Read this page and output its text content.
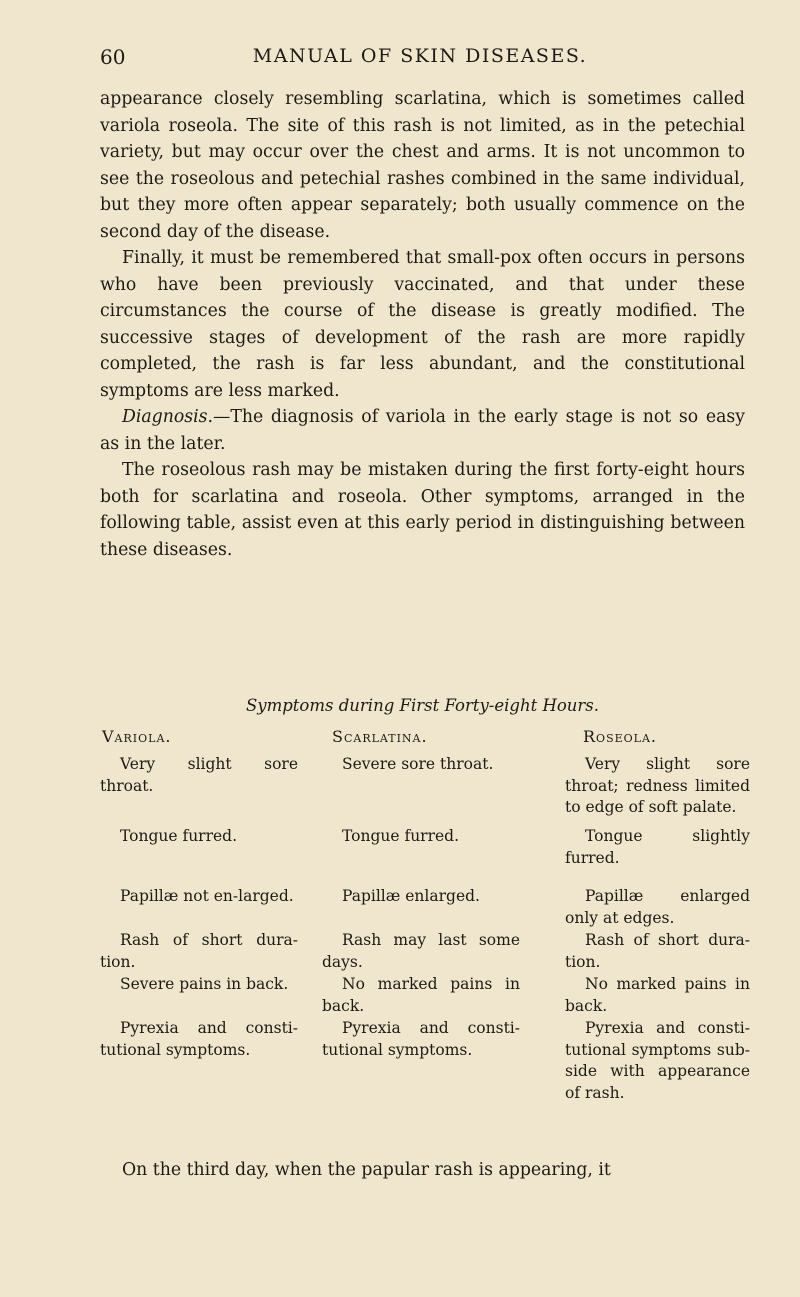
60	MANUAL OF SKIN DISEASES.

appearance closely resembling scarlatina, which is sometimes called variola roseola. The site of this rash is not limited, as in the petechial variety, but may occur over the chest and arms. It is not uncommon to see the roseolous and petechial rashes combined in the same individual, but they more often appear separately; both usually commence on the second day of the disease.

Finally, it must be remembered that small-pox often occurs in persons who have been previously vaccinated, and that under these circumstances the course of the disease is greatly modified. The successive stages of development of the rash are more rapidly completed, the rash is far less abundant, and the constitutional symptoms are less marked.

Diagnosis.—The diagnosis of variola in the early stage is not so easy as in the later.

The roseolous rash may be mistaken during the first forty-eight hours both for scarlatina and roseola. Other symptoms, arranged in the following table, assist even at this early period in distinguishing between these diseases.

Symptoms during First Forty-eight Hours.
Variola.
Very slight sore throat.
Tongue furred.
Papillæ not en-larged.
Rash of short dura-tion.
Severe pains in back.
Pyrexia and consti-tutional symptoms.
Scarlatina.
Severe sore throat.
Tongue furred.
Papillæ enlarged.
Rash may last some days.
No marked pains in back.
Pyrexia and consti-tutional symptoms.
Roseola.
Very slight sore throat; redness limited to edge of soft palate.
Tongue slightly furred.
Papillæ enlarged only at edges.
Rash of short dura-tion.
No marked pains in back.
Pyrexia and consti-tutional symptoms sub-side with appearance of rash.
On the third day, when the papular rash is appearing, it
